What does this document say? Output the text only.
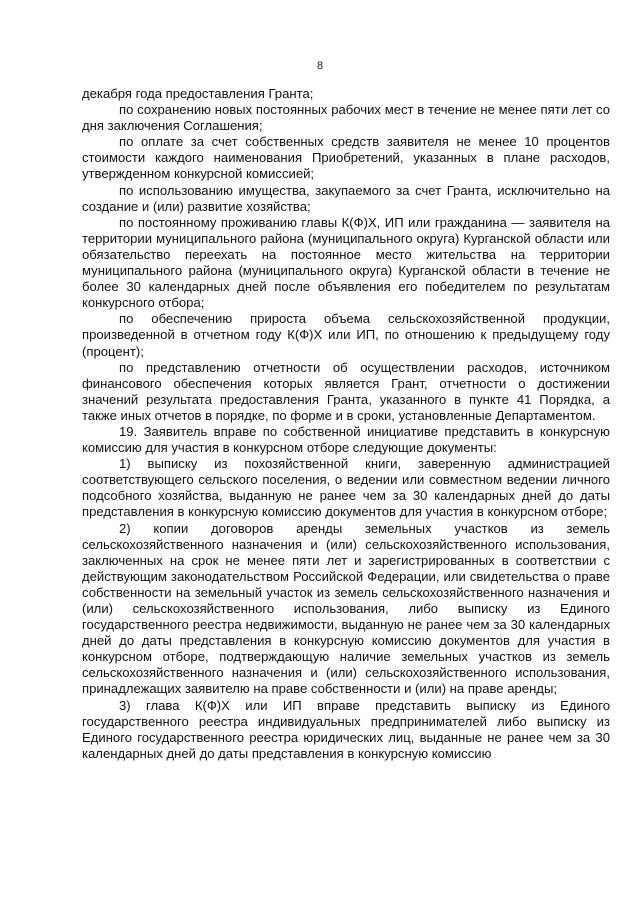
8

декабря года предоставления Гранта;

по сохранению новых постоянных рабочих мест в течение не менее пяти лет со дня заключения Соглашения;

по оплате за счет собственных средств заявителя не менее 10 процентов стоимости каждого наименования Приобретений, указанных в плане расходов, утвержденном конкурсной комиссией;

по использованию имущества, закупаемого за счет Гранта, исключительно на создание и (или) развитие хозяйства;

по постоянному проживанию главы К(Ф)Х, ИП или гражданина — заявителя на территории муниципального района (муниципального округа) Курганской области или обязательство переехать на постоянное место жительства на территории муниципального района (муниципального округа) Курганской области в течение не более 30 календарных дней после объявления его победителем по результатам конкурсного отбора;

по обеспечению прироста объема сельскохозяйственной продукции, произведенной в отчетном году К(Ф)Х или ИП, по отношению к предыдущему году (процент);

по представлению отчетности об осуществлении расходов, источником финансового обеспечения которых является Грант, отчетности о достижении значений результата предоставления Гранта, указанного в пункте 41 Порядка, а также иных отчетов в порядке, по форме и в сроки, установленные Департаментом.

19. Заявитель вправе по собственной инициативе представить в конкурсную комиссию для участия в конкурсном отборе следующие документы:

1) выписку из похозяйственной книги, заверенную администрацией соответствующего сельского поселения, о ведении или совместном ведении личного подсобного хозяйства, выданную не ранее чем за 30 календарных дней до даты представления в конкурсную комиссию документов для участия в конкурсном отборе;

2) копии договоров аренды земельных участков из земель сельскохозяйственного назначения и (или) сельскохозяйственного использования, заключенных на срок не менее пяти лет и зарегистрированных в соответствии с действующим законодательством Российской Федерации, или свидетельства о праве собственности на земельный участок из земель сельскохозяйственного назначения и (или) сельскохозяйственного использования, либо выписку из Единого государственного реестра недвижимости, выданную не ранее чем за 30 календарных дней до даты представления в конкурсную комиссию документов для участия в конкурсном отборе, подтверждающую наличие земельных участков из земель сельскохозяйственного назначения и (или) сельскохозяйственного использования, принадлежащих заявителю на праве собственности и (или) на праве аренды;

3) глава К(Ф)Х или ИП вправе представить выписку из Единого государственного реестра индивидуальных предпринимателей либо выписку из Единого государственного реестра юридических лиц, выданные не ранее чем за 30 календарных дней до даты представления в конкурсную комиссию
